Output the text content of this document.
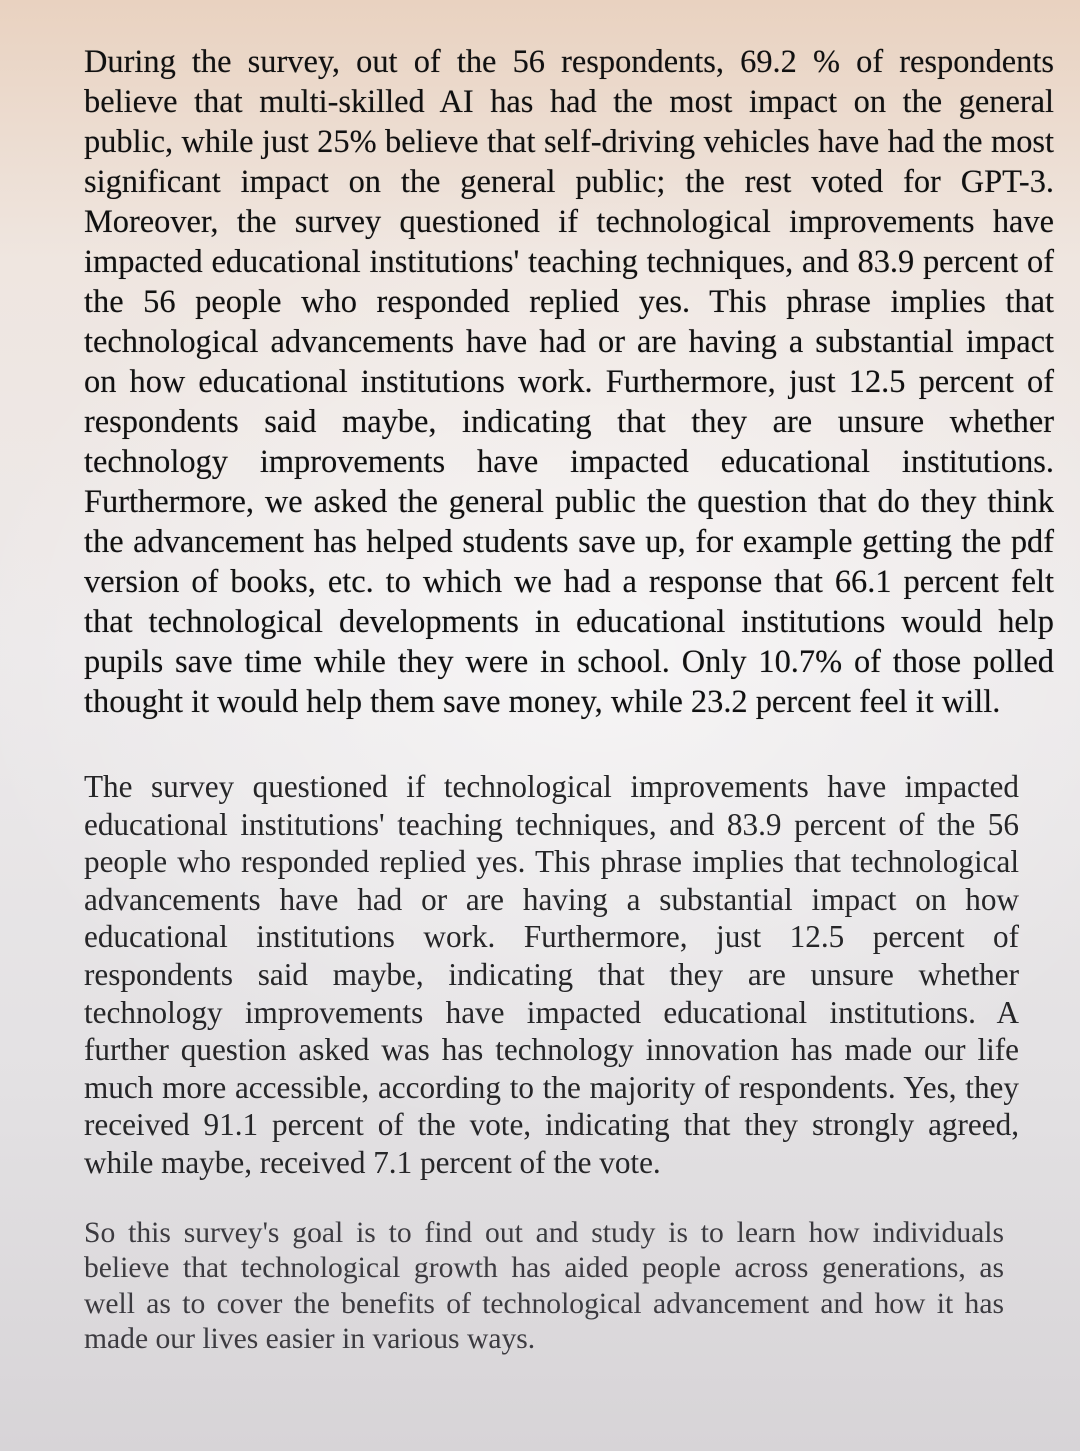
During the survey, out of the 56 respondents, 69.2 % of respondents believe that multi-skilled AI has had the most impact on the general public, while just 25% believe that self-driving vehicles have had the most significant impact on the general public; the rest voted for GPT-3. Moreover, the survey questioned if technological improvements have impacted educational institutions' teaching techniques, and 83.9 percent of the 56 people who responded replied yes. This phrase implies that technological advancements have had or are having a substantial impact on how educational institutions work. Furthermore, just 12.5 percent of respondents said maybe, indicating that they are unsure whether technology improvements have impacted educational institutions. Furthermore, we asked the general public the question that do they think the advancement has helped students save up, for example getting the pdf version of books, etc. to which we had a response that 66.1 percent felt that technological developments in educational institutions would help pupils save time while they were in school. Only 10.7% of those polled thought it would help them save money, while 23.2 percent feel it will.

The survey questioned if technological improvements have impacted educational institutions' teaching techniques, and 83.9 percent of the 56 people who responded replied yes. This phrase implies that technological advancements have had or are having a substantial impact on how educational institutions work. Furthermore, just 12.5 percent of respondents said maybe, indicating that they are unsure whether technology improvements have impacted educational institutions. A further question asked was has technology innovation has made our life much more accessible, according to the majority of respondents. Yes, they received 91.1 percent of the vote, indicating that they strongly agreed, while maybe, received 7.1 percent of the vote.

So this survey's goal is to find out and study is to learn how individuals believe that technological growth has aided people across generations, as well as to cover the benefits of technological advancement and how it has made our lives easier in various ways.
